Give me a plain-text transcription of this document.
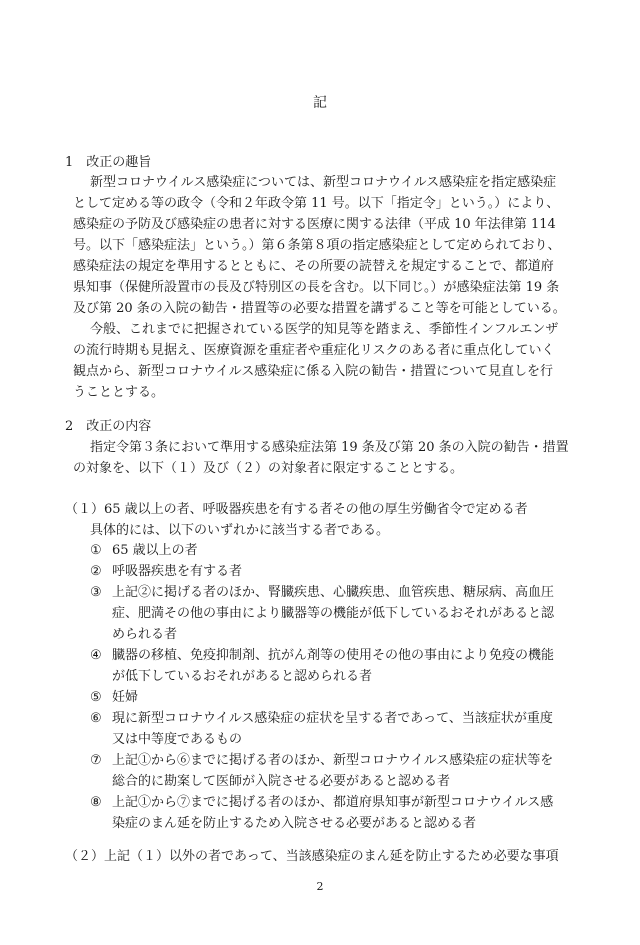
記
1　改正の趣旨
新型コロナウイルス感染症については、新型コロナウイルス感染症を指定感染症
として定める等の政令（令和２年政令第 11 号。以下「指定令」という。）により、
感染症の予防及び感染症の患者に対する医療に関する法律（平成 10 年法律第 114
号。以下「感染症法」という。）第６条第８項の指定感染症として定められており、
感染症法の規定を準用するとともに、その所要の読替えを規定することで、都道府
県知事（保健所設置市の長及び特別区の長を含む。以下同じ。）が感染症法第 19 条
及び第 20 条の入院の勧告・措置等の必要な措置を講ずること等を可能としている。
今般、これまでに把握されている医学的知見等を踏まえ、季節性インフルエンザ
の流行時期も見据え、医療資源を重症者や重症化リスクのある者に重点化していく
観点から、新型コロナウイルス感染症に係る入院の勧告・措置について見直しを行
うこととする。
2　改正の内容
指定令第３条において準用する感染症法第 19 条及び第 20 条の入院の勧告・措置
の対象を、以下（１）及び（２）の対象者に限定することとする。
（１）65 歳以上の者、呼吸器疾患を有する者その他の厚生労働省令で定める者
具体的には、以下のいずれかに該当する者である。
① 65 歳以上の者
② 呼吸器疾患を有する者
③ 上記②に掲げる者のほか、腎臓疾患、心臓疾患、血管疾患、糖尿病、高血圧
症、肥満その他の事由により臓器等の機能が低下しているおそれがあると認
められる者
④ 臓器の移植、免疫抑制剤、抗がん剤等の使用その他の事由により免疫の機能
が低下しているおそれがあると認められる者
⑤ 妊婦
⑥ 現に新型コロナウイルス感染症の症状を呈する者であって、当該症状が重度
又は中等度であるもの
⑦ 上記①から⑥までに掲げる者のほか、新型コロナウイルス感染症の症状等を
総合的に勘案して医師が入院させる必要があると認める者
⑧ 上記①から⑦までに掲げる者のほか、都道府県知事が新型コロナウイルス感
染症のまん延を防止するため入院させる必要があると認める者
（２）上記（１）以外の者であって、当該感染症のまん延を防止するため必要な事項
2
